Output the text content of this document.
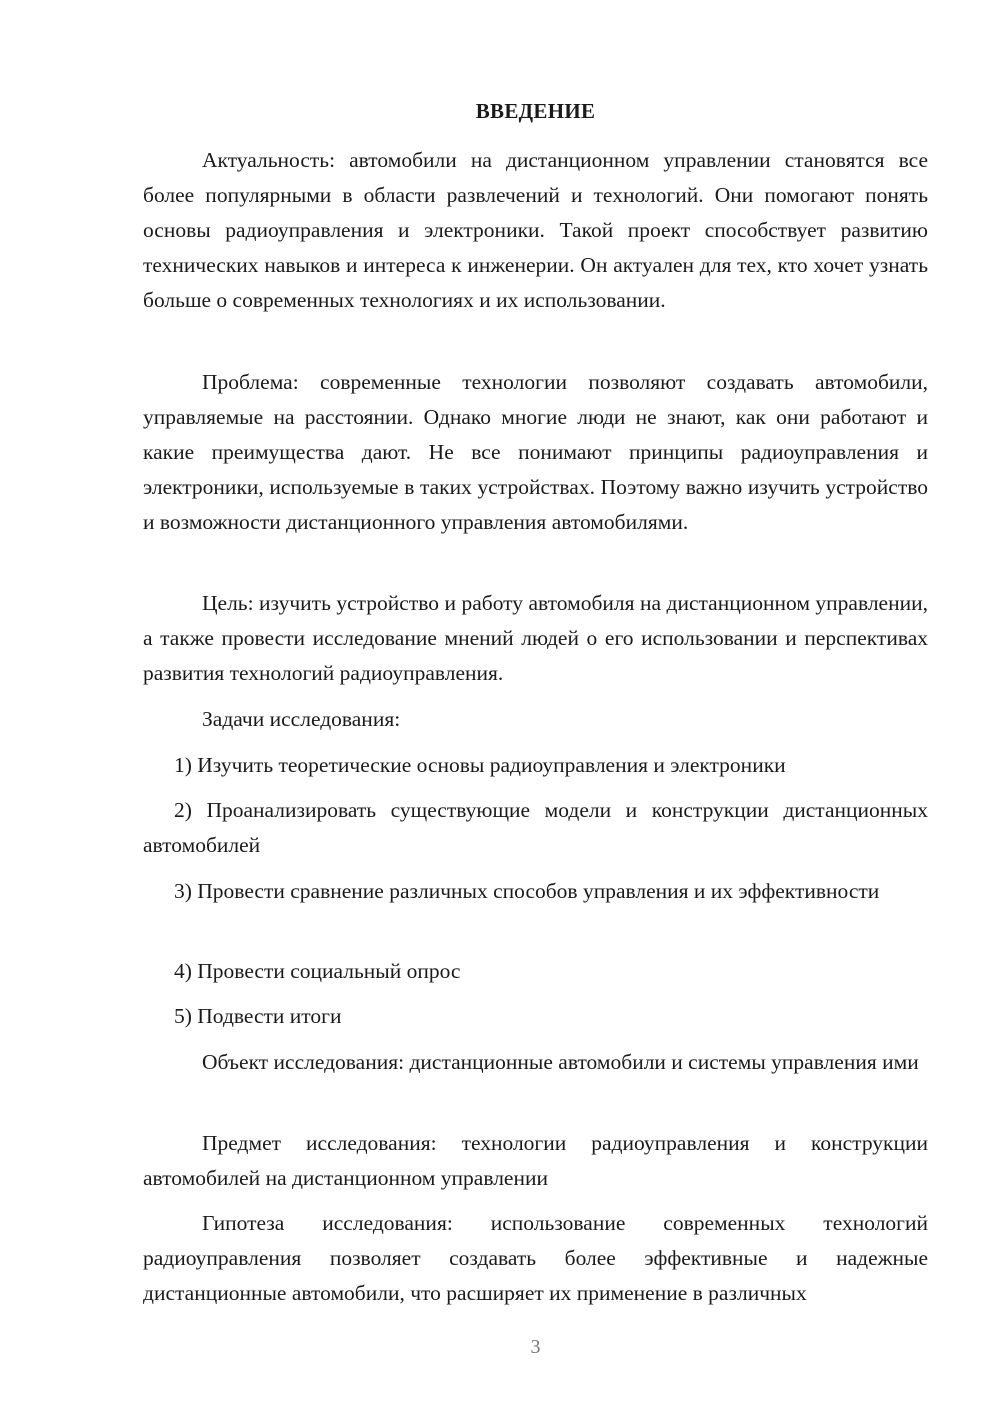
ВВЕДЕНИЕ

Актуальность: автомобили на дистанционном управлении становятся все более популярными в области развлечений и технологий. Они помогают понять основы радиоуправления и электроники. Такой проект способствует развитию технических навыков и интереса к инженерии. Он актуален для тех, кто хочет узнать больше о современных технологиях и их использовании.

Проблема: современные технологии позволяют создавать автомобили, управляемые на расстоянии. Однако многие люди не знают, как они работают и какие преимущества дают. Не все понимают принципы радиоуправления и электроники, используемые в таких устройствах. Поэтому важно изучить устройство и возможности дистанционного управления автомобилями.

Цель: изучить устройство и работу автомобиля на дистанционном управлении, а также провести исследование мнений людей о его использовании и перспективах развития технологий радиоуправления.

Задачи исследования:

1) Изучить теоретические основы радиоуправления и электроники

2) Проанализировать существующие модели и конструкции дистанционных автомобилей

3) Провести сравнение различных способов управления и их эффективности

4) Провести социальный опрос

5) Подвести итоги

Объект исследования: дистанционные автомобили и системы управления ими

Предмет исследования: технологии радиоуправления и конструкции автомобилей на дистанционном управлении

Гипотеза исследования: использование современных технологий радиоуправления позволяет создавать более эффективные и надежные дистанционные автомобили, что расширяет их применение в различных

3
